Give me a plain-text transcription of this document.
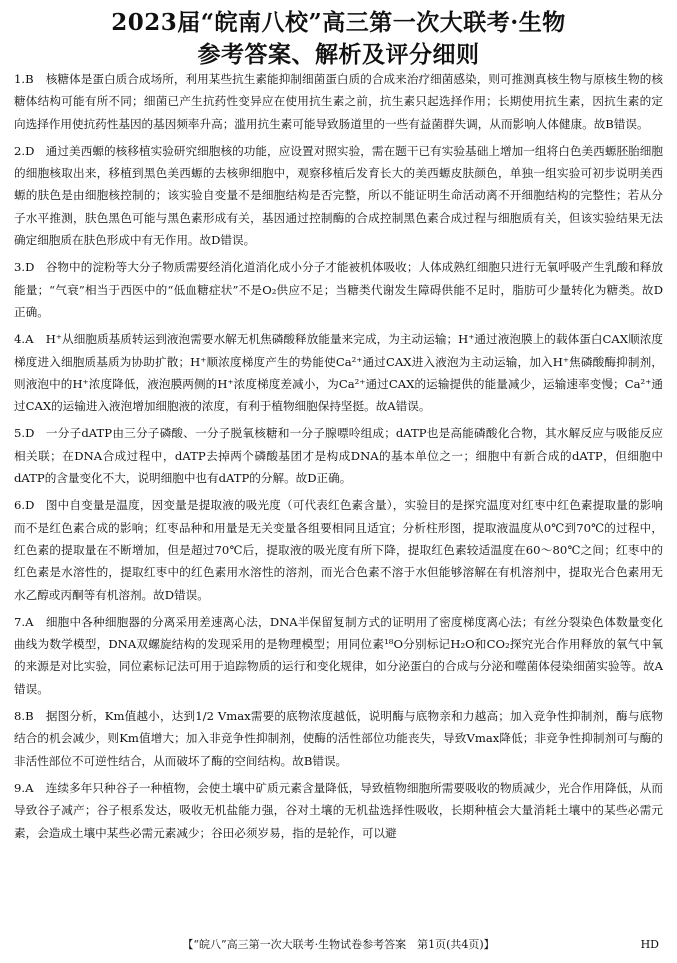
2023届“皖南八校”高三第一次大联考·生物
参考答案、解析及评分细则
1.B 核糖体是蛋白质合成场所，利用某些抗生素能抑制细菌蛋白质的合成来治疗细菌感染，则可推测真核生物与原核生物的核糖体结构可能有所不同；细菌已产生抗药性变异应在使用抗生素之前，抗生素只起选择作用；长期使用抗生素，因抗生素的定向选择作用使抗药性基因的基因频率升高；滥用抗生素可能导致肠道里的一些有益菌群失调，从而影响人体健康。故B错误。
2.D 通过美西螈的核移植实验研究细胞核的功能，应设置对照实验，需在题干已有实验基础上增加一组将白色美西螈胚胎细胞的细胞核取出来，移植到黑色美西螈的去核卵细胞中，观察移植后发育长大的美西螈皮肤颜色，单独一组实验可初步说明美西螈的肤色是由细胞核控制的；该实验自变量不是细胞结构是否完整，所以不能证明生命活动离不开细胞结构的完整性；若从分子水平推测，肤色黑色可能与黑色素形成有关，基因通过控制酶的合成控制黑色素合成过程与细胞质有关，但该实验结果无法确定细胞质在肤色形成中有无作用。故D错误。
3.D 谷物中的淀粉等大分子物质需要经消化道消化成小分子才能被机体吸收；人体成熟红细胞只进行无氧呼吸产生乳酸和释放能量；“气衰”相当于西医中的“低血糖症状”不是O₂供应不足；当糖类代谢发生障碍供能不足时，脂肪可少量转化为糖类。故D正确。
4.A H⁺从细胞质基质转运到液泡需要水解无机焦磷酸释放能量来完成，为主动运输；H⁺通过液泡膜上的载体蛋白CAX顺浓度梯度进入细胞质基质为协助扩散；H⁺顺浓度梯度产生的势能使Ca²⁺通过CAX进入液泡为主动运输，加入H⁺焦磷酸酶抑制剂，则液泡中的H⁺浓度降低，液泡膜两侧的H⁺浓度梯度差减小，为Ca²⁺通过CAX的运输提供的能量减少，运输速率变慢；Ca²⁺通过CAX的运输进入液泡增加细胞液的浓度，有利于植物细胞保持坚挺。故A错误。
5.D 一分子dATP由三分子磷酸、一分子脱氧核糖和一分子腺嘌呤组成；dATP也是高能磷酸化合物，其水解反应与吸能反应相关联；在DNA合成过程中，dATP去掉两个磷酸基团才是构成DNA的基本单位之一；细胞中有新合成的dATP，但细胞中dATP的含量变化不大，说明细胞中也有dATP的分解。故D正确。
6.D 图中自变量是温度，因变量是提取液的吸光度（可代表红色素含量），实验目的是探究温度对红枣中红色素提取量的影响而不是红色素合成的影响；红枣品种和用量是无关变量各组要相同且适宜；分析柱形图，提取液温度从0℃到70℃的过程中，红色素的提取量在不断增加，但是超过70℃后，提取液的吸光度有所下降，提取红色素较适温度在60～80℃之间；红枣中的红色素是水溶性的，提取红枣中的红色素用水溶性的溶剂，而光合色素不溶于水但能够溶解在有机溶剂中，提取光合色素用无水乙醇或丙酮等有机溶剂。故D错误。
7.A 细胞中各种细胞器的分离采用差速离心法，DNA半保留复制方式的证明用了密度梯度离心法；有丝分裂染色体数量变化曲线为数学模型，DNA双螺旋结构的发现采用的是物理模型；用同位素¹⁸O分别标记H₂O和CO₂探究光合作用释放的氧气中氧的来源是对比实验，同位素标记法可用于追踪物质的运行和变化规律，如分泌蛋白的合成与分泌和噬菌体侵染细菌实验等。故A错误。
8.B 据图分析，Km值越小，达到1/2 Vmax需要的底物浓度越低，说明酶与底物亲和力越高；加入竞争性抑制剂，酶与底物结合的机会减少，则Km值增大；加入非竞争性抑制剂，使酶的活性部位功能丧失，导致Vmax降低；非竞争性抑制剂可与酶的非活性部位不可逆性结合，从而破坏了酶的空间结构。故B错误。
9.A 连续多年只种谷子一种植物，会使土壤中矿质元素含量降低，导致植物细胞所需要吸收的物质减少，光合作用降低，从而导致谷子减产；谷子根系发达，吸收无机盐能力强，谷对土壤的无机盐选择性吸收，长期种植会大量消耗土壤中的某些必需元素，会造成土壤中某些必需元素减少；谷田必须岁易，指的是轮作，可以避
【“皖八”高三第一次大联考·生物试卷参考答案　第1页(共4页)】	HD
